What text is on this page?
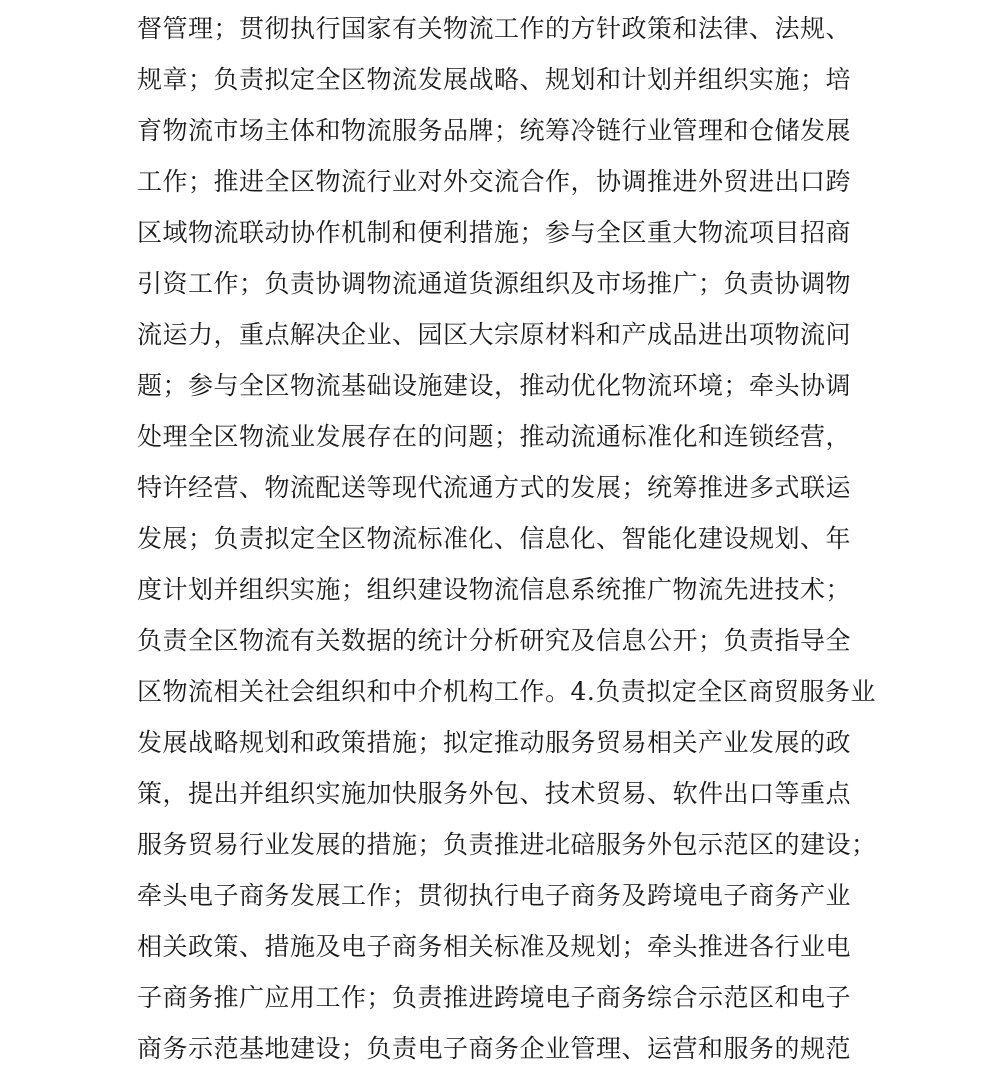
督管理；贯彻执行国家有关物流工作的方针政策和法律、法规、
规章；负责拟定全区物流发展战略、规划和计划并组织实施；培
育物流市场主体和物流服务品牌；统筹冷链行业管理和仓储发展
工作；推进全区物流行业对外交流合作，协调推进外贸进出口跨
区域物流联动协作机制和便利措施；参与全区重大物流项目招商
引资工作；负责协调物流通道货源组织及市场推广；负责协调物
流运力，重点解决企业、园区大宗原材料和产成品进出项物流问
题；参与全区物流基础设施建设，推动优化物流环境；牵头协调
处理全区物流业发展存在的问题；推动流通标准化和连锁经营，
特许经营、物流配送等现代流通方式的发展；统筹推进多式联运
发展；负责拟定全区物流标准化、信息化、智能化建设规划、年
度计划并组织实施；组织建设物流信息系统推广物流先进技术；
负责全区物流有关数据的统计分析研究及信息公开；负责指导全
区物流相关社会组织和中介机构工作。4.负责拟定全区商贸服务业
发展战略规划和政策措施；拟定推动服务贸易相关产业发展的政
策，提出并组织实施加快服务外包、技术贸易、软件出口等重点
服务贸易行业发展的措施；负责推进北碚服务外包示范区的建设；
牵头电子商务发展工作；贯彻执行电子商务及跨境电子商务产业
相关政策、措施及电子商务相关标准及规划；牵头推进各行业电
子商务推广应用工作；负责推进跨境电子商务综合示范区和电子
商务示范基地建设；负责电子商务企业管理、运营和服务的规范
